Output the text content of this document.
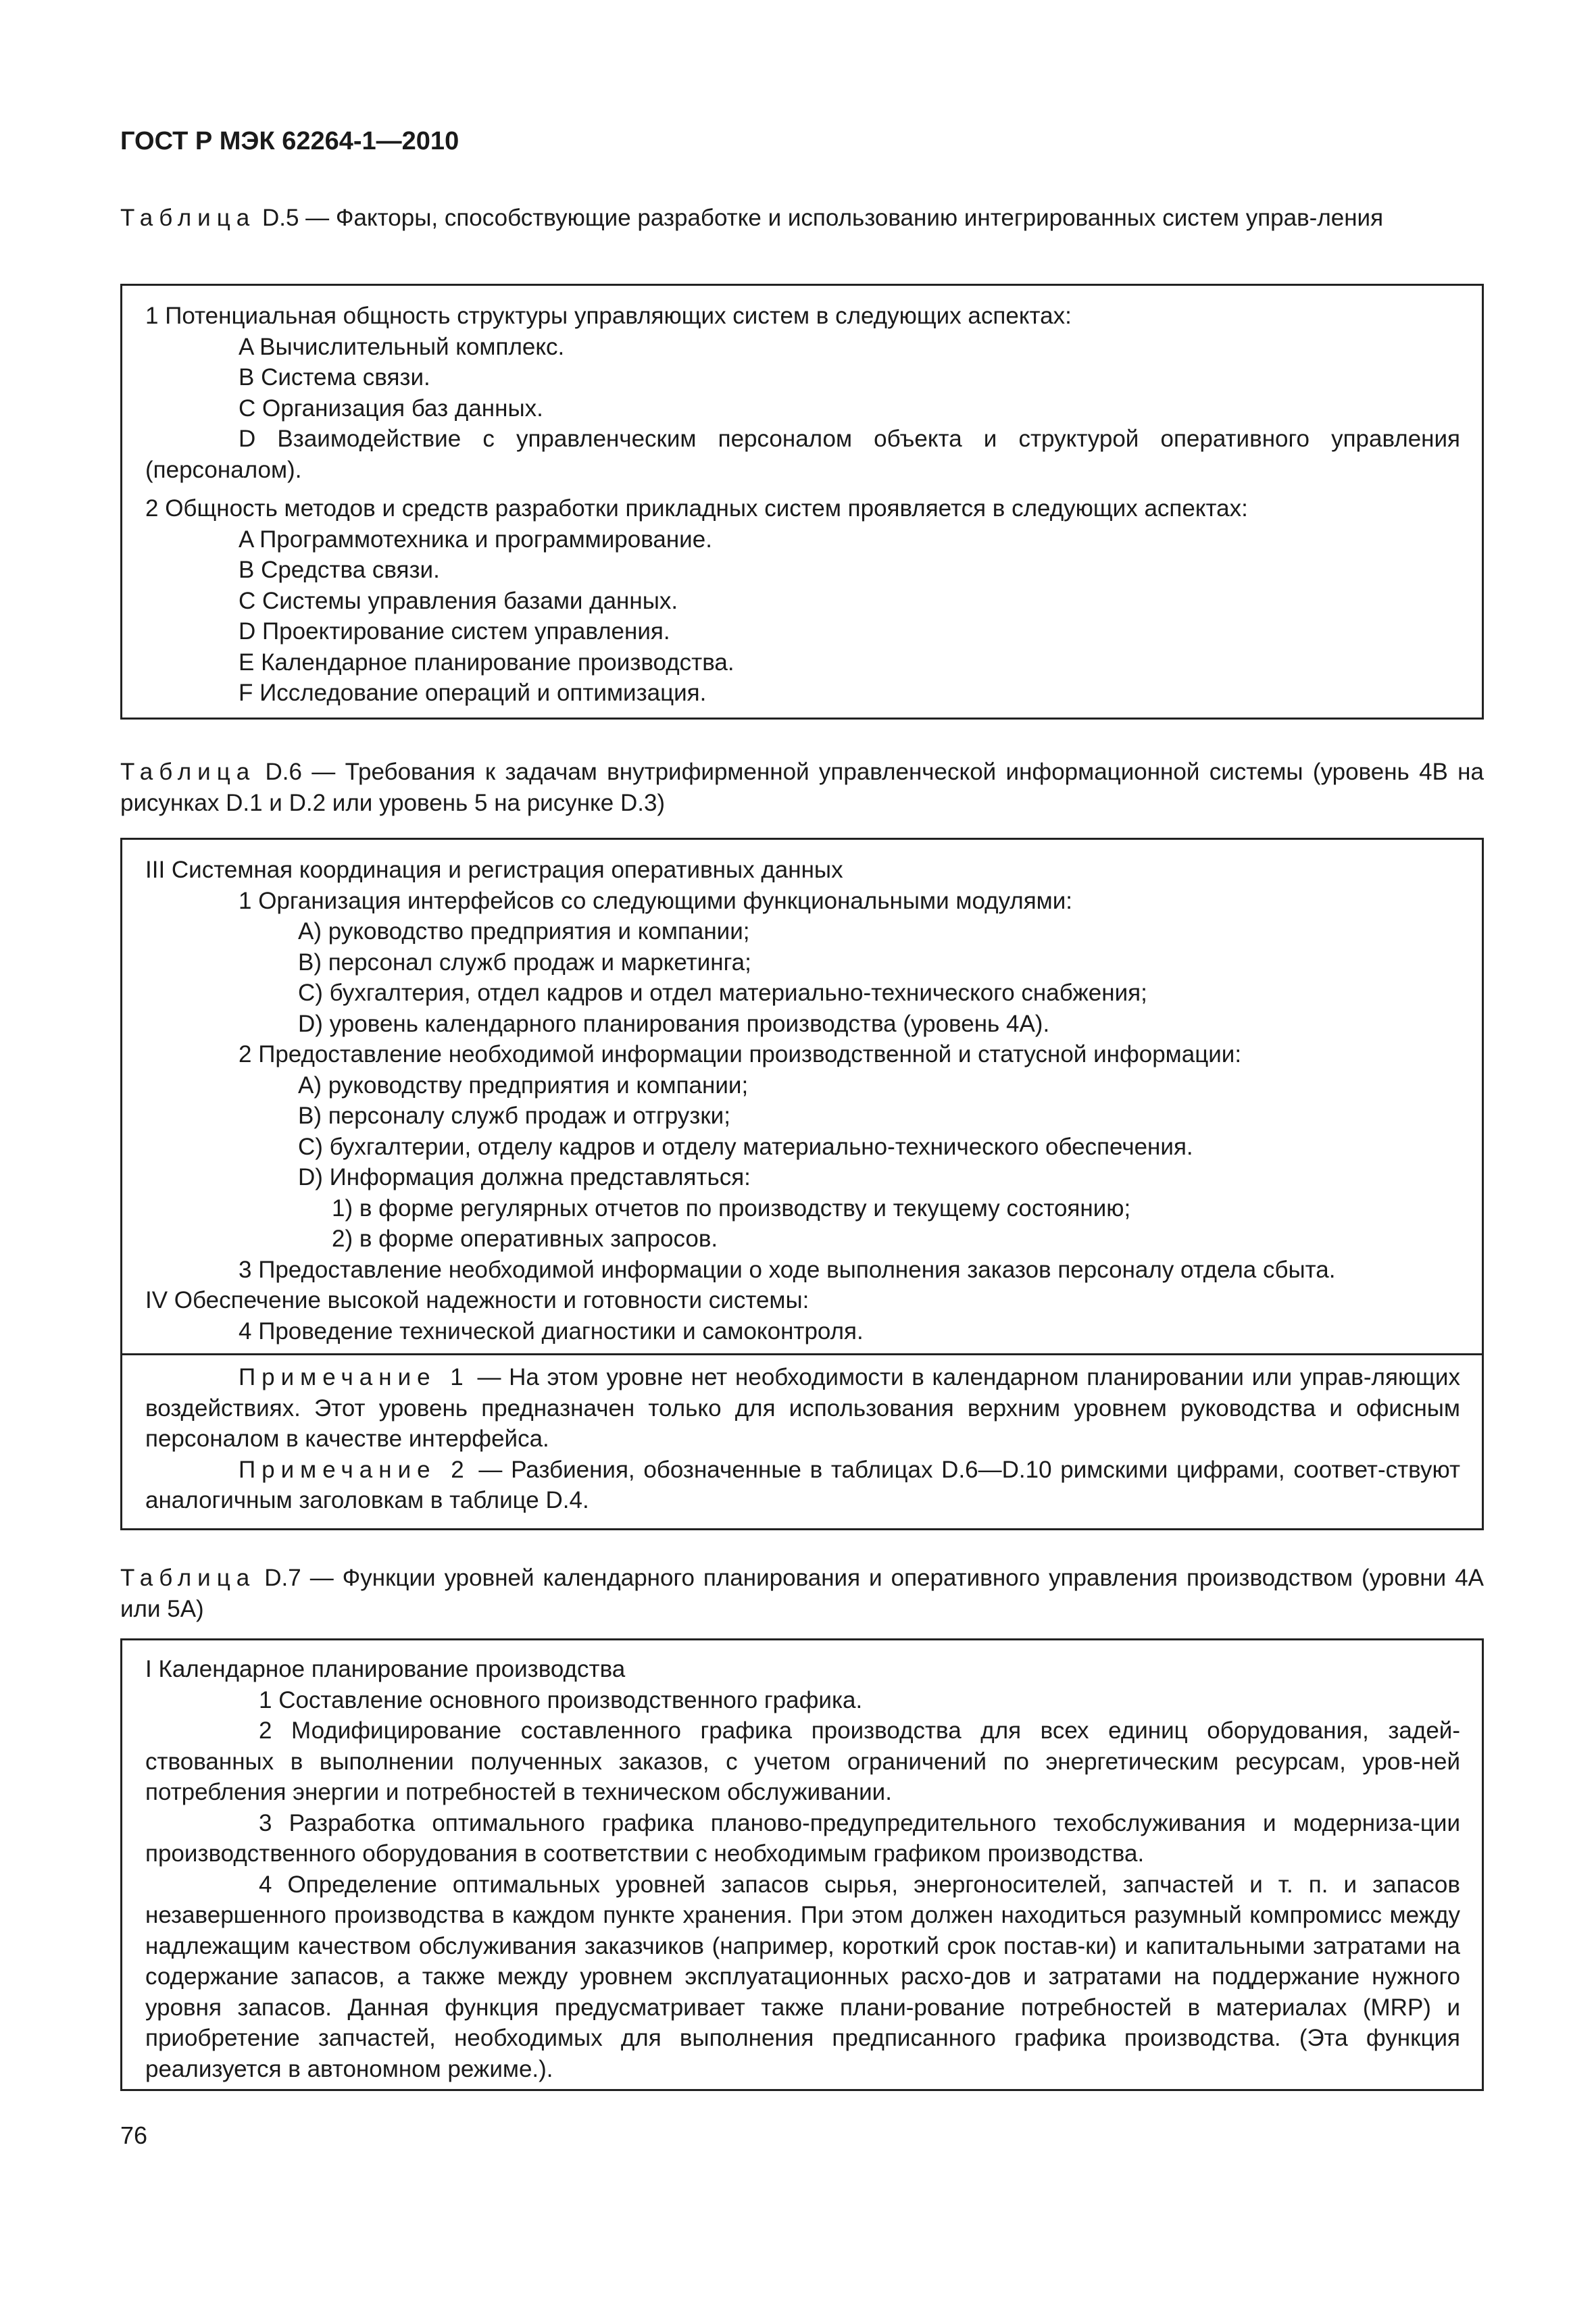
ГОСТ Р МЭК 62264-1—2010
Таблица D.5 — Факторы, способствующие разработке и использованию интегрированных систем управ-ления

1 Потенциальная общность структуры управляющих систем в следующих аспектах:

A Вычислительный комплекс.

B Система связи.

C Организация баз данных.

D Взаимодействие с управленческим персоналом объекта и структурой оперативного управления (персоналом).

2 Общность методов и средств разработки прикладных систем проявляется в следующих аспектах:

A Программотехника и программирование.

B Средства связи.

C Системы управления базами данных.

D Проектирование систем управления.

E Календарное планирование производства.

F Исследование операций и оптимизация.

Таблица D.6 — Требования к задачам внутрифирменной управленческой информационной системы (уровень 4В на рисунках D.1 и D.2 или уровень 5 на рисунке D.3)

III Системная координация и регистрация оперативных данных

1 Организация интерфейсов со следующими функциональными модулями:

A) руководство предприятия и компании;

B) персонал служб продаж и маркетинга;

C) бухгалтерия, отдел кадров и отдел материально-технического снабжения;

D) уровень календарного планирования производства (уровень 4A).

2 Предоставление необходимой информации производственной и статусной информации:

A) руководству предприятия и компании;

B) персоналу служб продаж и отгрузки;

C) бухгалтерии, отделу кадров и отделу материально-технического обеспечения.

D) Информация должна представляться:

1) в форме регулярных отчетов по производству и текущему состоянию;

2) в форме оперативных запросов.

3 Предоставление необходимой информации о ходе выполнения заказов персоналу отдела сбыта.

IV Обеспечение высокой надежности и готовности системы:

4 Проведение технической диагностики и самоконтроля.

Примечание 1 — На этом уровне нет необходимости в календарном планировании или управ-ляющих воздействиях. Этот уровень предназначен только для использования верхним уровнем руководства и офисным персоналом в качестве интерфейса.

Примечание 2 — Разбиения, обозначенные в таблицах D.6—D.10 римскими цифрами, соответ-ствуют аналогичным заголовкам в таблице D.4.

Таблица D.7 — Функции уровней календарного планирования и оперативного управления производством (уровни 4A или 5A)

I Календарное планирование производства

1 Составление основного производственного графика.

2 Модифицирование составленного графика производства для всех единиц оборудования, задей-ствованных в выполнении полученных заказов, с учетом ограничений по энергетическим ресурсам, уров-ней потребления энергии и потребностей в техническом обслуживании.

3 Разработка оптимального графика планово-предупредительного техобслуживания и модерниза-ции производственного оборудования в соответствии с необходимым графиком производства.

4 Определение оптимальных уровней запасов сырья, энергоносителей, запчастей и т. п. и запасов незавершенного производства в каждом пункте хранения. При этом должен находиться разумный компромисс между надлежащим качеством обслуживания заказчиков (например, короткий срок постав-ки) и капитальными затратами на содержание запасов, а также между уровнем эксплуатационных расхо-дов и затратами на поддержание нужного уровня запасов. Данная функция предусматривает также плани-рование потребностей в материалах (MRP) и приобретение запчастей, необходимых для выполнения предписанного графика производства. (Эта функция реализуется в автономном режиме.).

76
